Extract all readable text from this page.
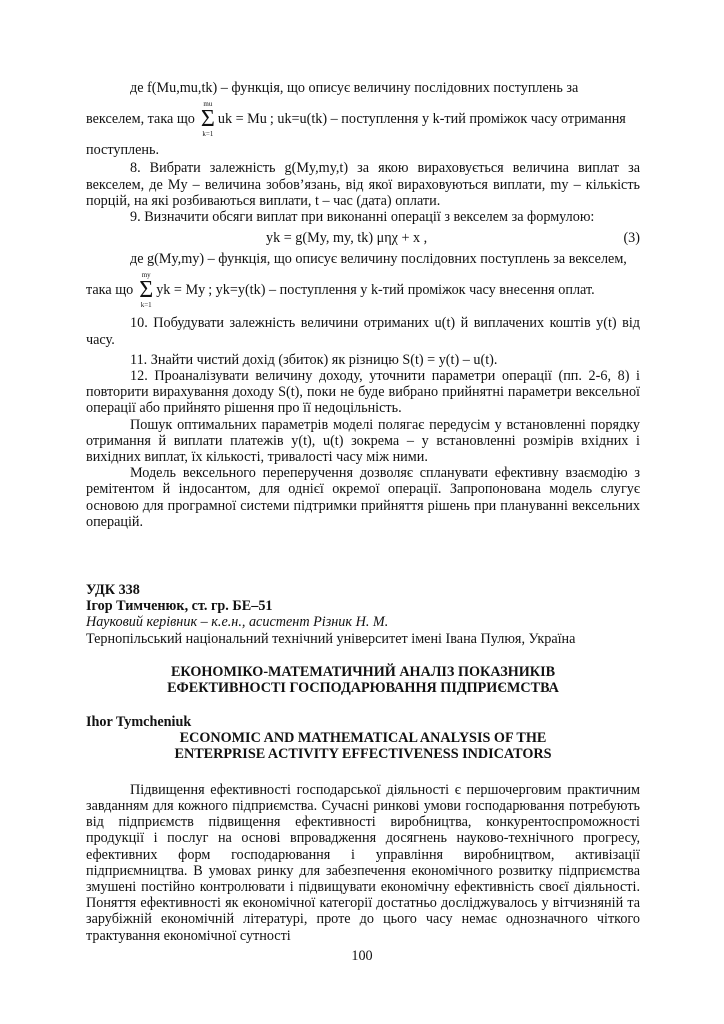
де f(Mu,mu,tk) – функція, що описує величину послідовних поступлень за

векселем, така що
mu
Σ
k=1
uk = Mu ; uk=u(tk) – поступлення у k-тий проміжок часу отримання

поступлень.

8. Вибрати залежність g(My,my,t) за якою вираховується величина виплат за векселем, де My – величина зобов’язань, від якої вираховуються виплати, my – кількість порцій, на які розбиваються виплати, t – час (дата) оплати.

9. Визначити обсяги виплат при виконанні операції з векселем за формулою:

yk = g(My, my, tk) μηχ + x ,	(3)

де g(My,my) – функція, що описує величину послідовних поступлень за векселем,

така що
my
Σ
k=1
yk = My ; yk=y(tk) – поступлення у k-тий проміжок часу внесення оплат.

10. Побудувати залежність величини отриманих u(t) й виплачених коштів y(t) від часу.

11. Знайти чистий дохід (збиток) як різницю S(t) = y(t) – u(t).

12. Проаналізувати величину доходу, уточнити параметри операції (пп. 2-6, 8) і повторити вирахування доходу S(t), поки не буде вибрано прийнятні параметри вексельної операції або прийнято рішення про її недоцільність.

Пошук оптимальних параметрів моделі полягає передусім у встановленні порядку отримання й виплати платежів y(t), u(t) зокрема – у встановленні розмірів вхідних і вихідних виплат, їх кількості, тривалості часу між ними.

Модель вексельного переперучення дозволяє спланувати ефективну взаємодію з ремітентом й індосантом, для однієї окремої операції. Запропонована модель слугує основою для програмної системи підтримки прийняття рішень при плануванні вексельних операцій.

УДК 338

Ігор Тимченюк, ст. гр. БЕ–51

Науковий керівник – к.е.н., асистент Різник Н. М.

Тернопільський національний технічний університет імені Івана Пулюя, Україна

ЕКОНОМІКО-МАТЕМАТИЧНИЙ АНАЛІЗ ПОКАЗНИКІВ ЕФЕКТИВНОСТІ ГОСПОДАРЮВАННЯ ПІДПРИЄМСТВА

Ihor Tymcheniuk

ECONOMIC AND MATHEMATICAL ANALYSIS OF THE ENTERPRISE ACTIVITY EFFECTIVENESS INDICATORS

Підвищення ефективності господарської діяльності є першочерговим практичним завданням для кожного підприємства. Сучасні ринкові умови господарювання потребують від підприємств підвищення ефективності виробництва, конкурентоспроможності продукції і послуг на основі впровадження досягнень науково-технічного прогресу, ефективних форм господарювання і управління виробництвом, активізації підприємництва. В умовах ринку для забезпечення економічного розвитку підприємства змушені постійно контролювати і підвищувати економічну ефективність своєї діяльності. Поняття ефективності як економічної категорії достатньо досліджувалось у вітчизняній та зарубіжній економічній літературі, проте до цього часу немає однозначного чіткого трактування економічної сутності

100
